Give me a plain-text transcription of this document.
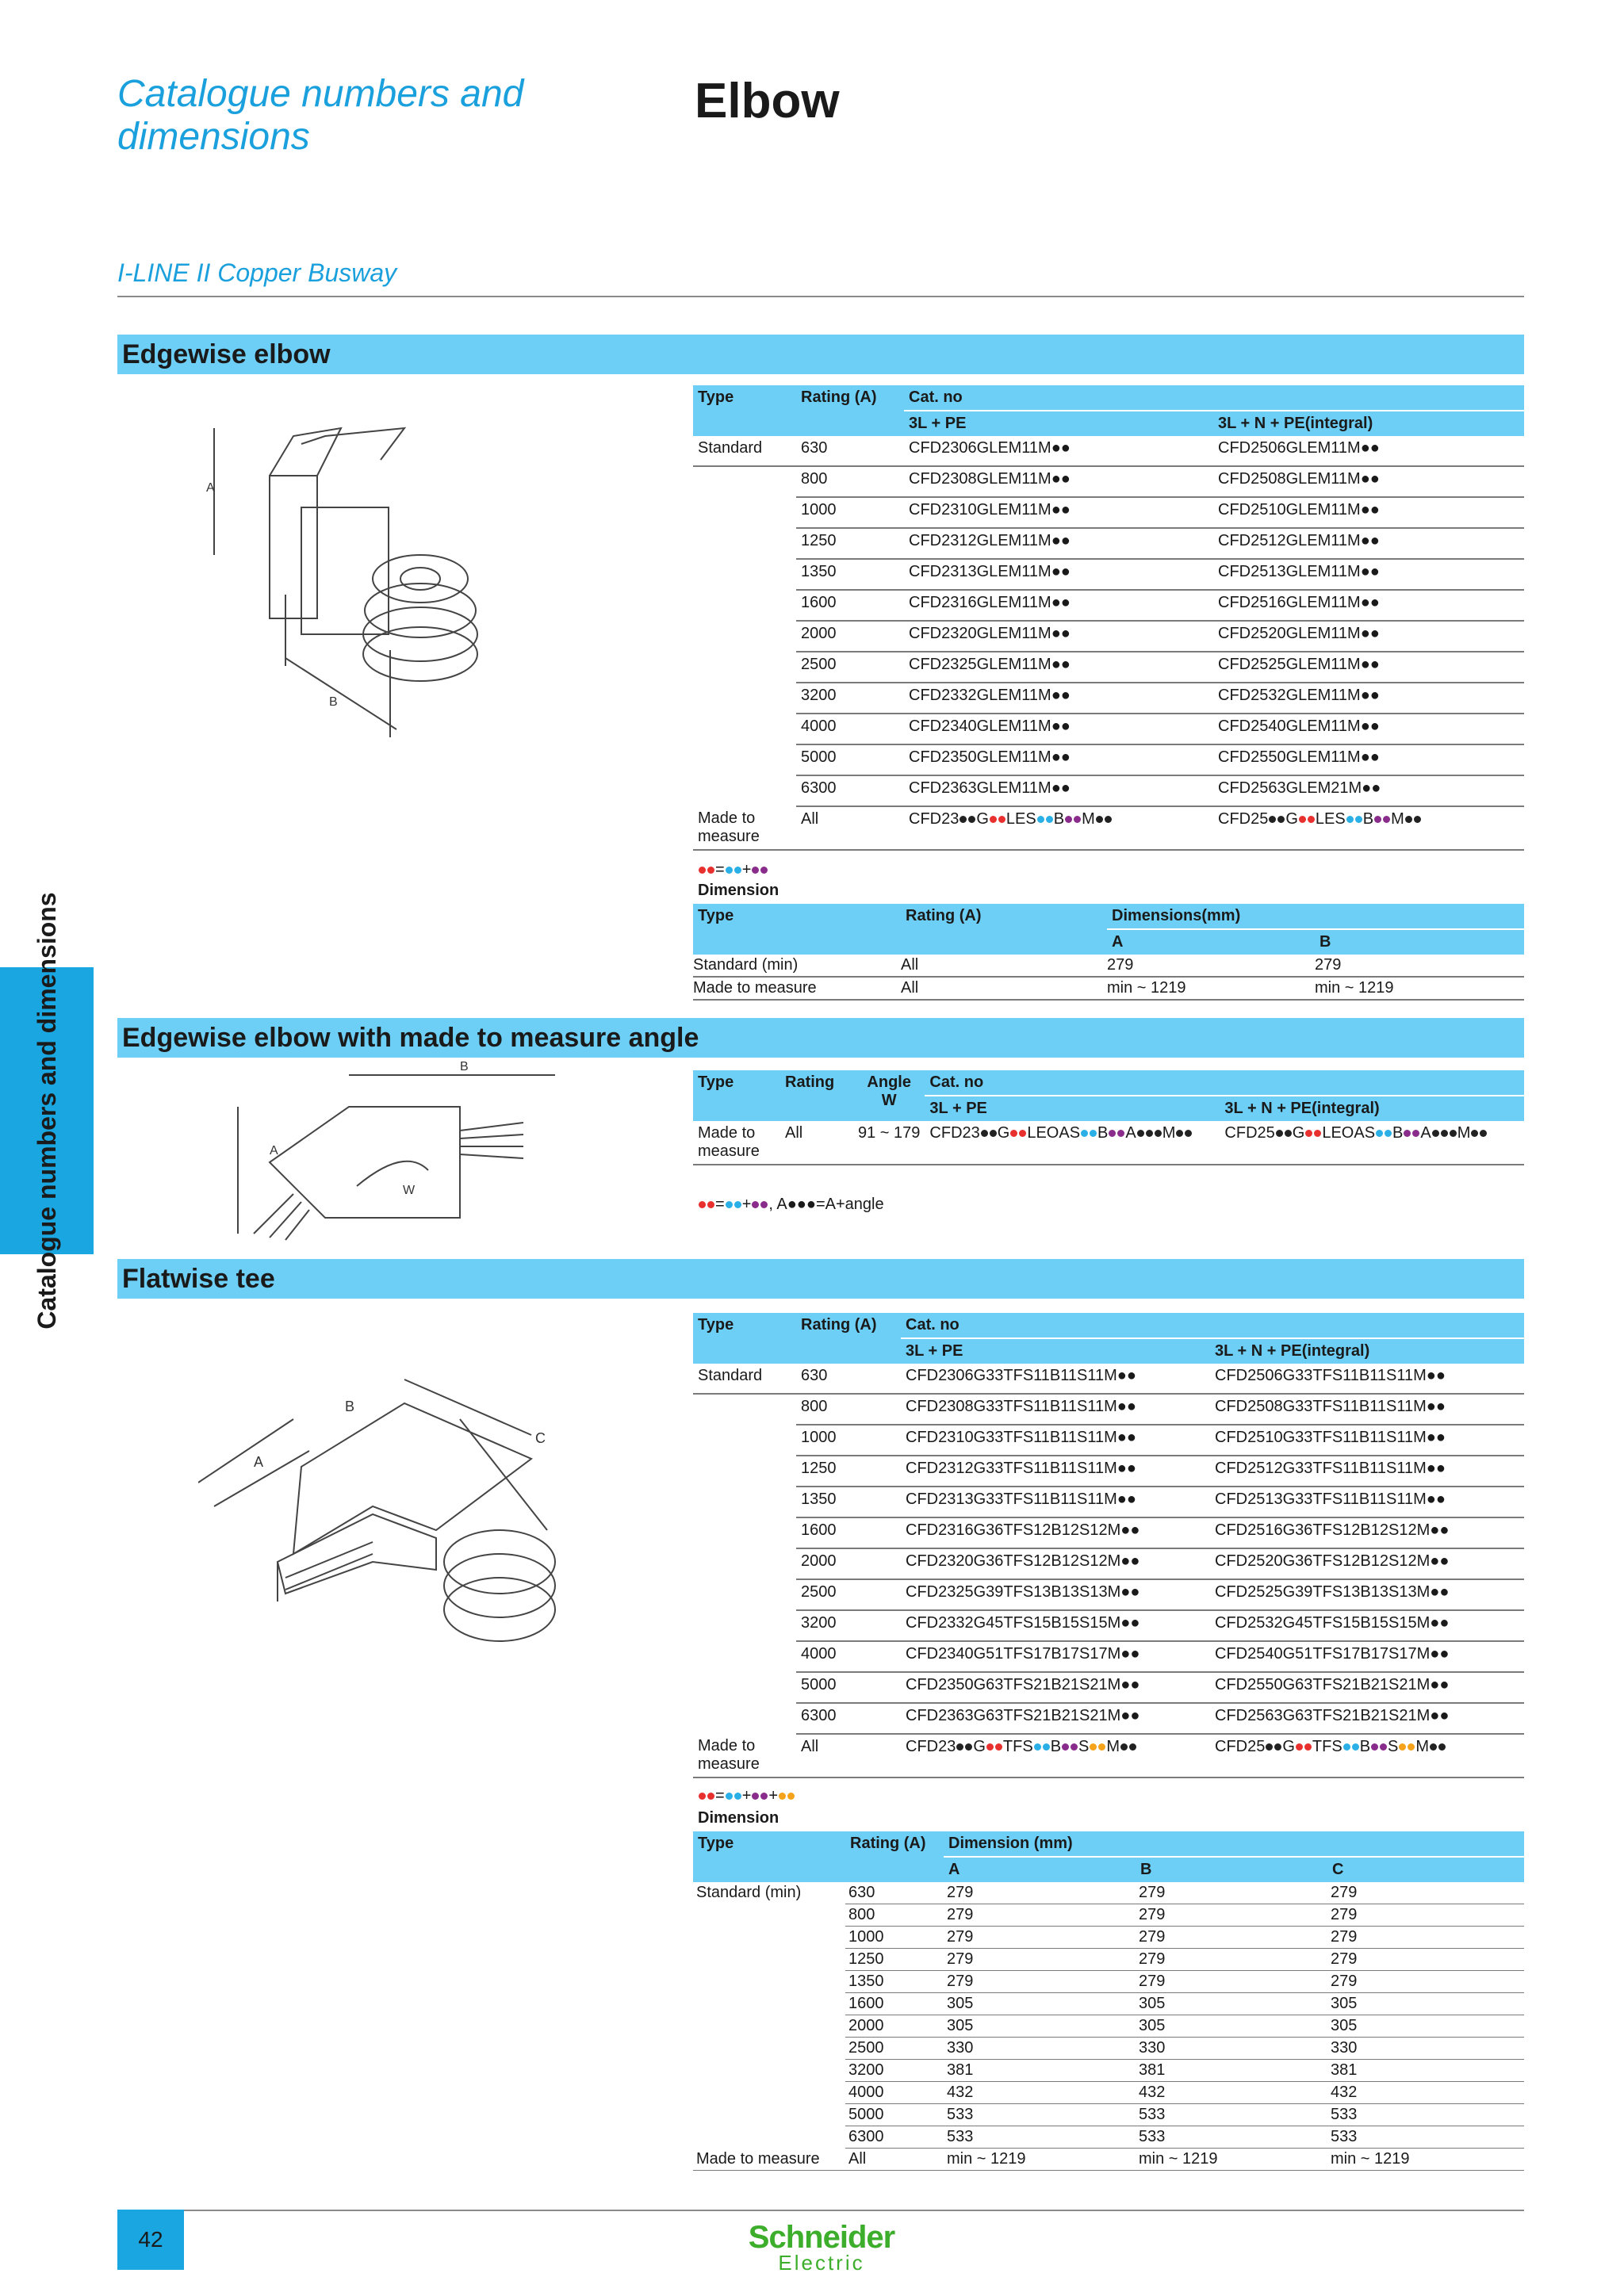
Catalogue numbers and dimensions
Elbow
I-LINE II Copper Busway
Catalogue numbers and dimensions
Edgewise elbow
A
B
Type	Rating (A)	Cat. no	
		3L + PE	3L + N + PE(integral)
Standard	630	CFD2306GLEM11M●●	CFD2506GLEM11M●●
	800	CFD2308GLEM11M●●	CFD2508GLEM11M●●
	1000	CFD2310GLEM11M●●	CFD2510GLEM11M●●
	1250	CFD2312GLEM11M●●	CFD2512GLEM11M●●
	1350	CFD2313GLEM11M●●	CFD2513GLEM11M●●
	1600	CFD2316GLEM11M●●	CFD2516GLEM11M●●
	2000	CFD2320GLEM11M●●	CFD2520GLEM11M●●
	2500	CFD2325GLEM11M●●	CFD2525GLEM11M●●
	3200	CFD2332GLEM11M●●	CFD2532GLEM11M●●
	4000	CFD2340GLEM11M●●	CFD2540GLEM11M●●
	5000	CFD2350GLEM11M●●	CFD2550GLEM11M●●
	6300	CFD2363GLEM11M●●	CFD2563GLEM21M●●
Made to measure	All	CFD23 G LES B M	CFD25 G LES B M
= +
Dimension
Type	Rating (A)	Dimensions(mm)	
		A	B
Standard (min)	All	279	279
Made to measure	All	min ~ 1219	min ~ 1219
Edgewise elbow with made to measure angle
B
A
W
Type	Rating	Angle W	Cat. no	
			3L + PE	3L + N + PE(integral)
Made to measure	All	91 ~ 179	CFD23 G LEOAS B A M	CFD25 G LEOAS B A M
= + , A●●●=A+angle
Flatwise tee
A
B
C
Type	Rating (A)	Cat. no	
		3L + PE	3L + N + PE(integral)
Standard	630	CFD2306G33TFS11B11S11M●●	CFD2506G33TFS11B11S11M●●
	800	CFD2308G33TFS11B11S11M●●	CFD2508G33TFS11B11S11M●●
	1000	CFD2310G33TFS11B11S11M●●	CFD2510G33TFS11B11S11M●●
	1250	CFD2312G33TFS11B11S11M●●	CFD2512G33TFS11B11S11M●●
	1350	CFD2313G33TFS11B11S11M●●	CFD2513G33TFS11B11S11M●●
	1600	CFD2316G36TFS12B12S12M●●	CFD2516G36TFS12B12S12M●●
	2000	CFD2320G36TFS12B12S12M●●	CFD2520G36TFS12B12S12M●●
	2500	CFD2325G39TFS13B13S13M●●	CFD2525G39TFS13B13S13M●●
	3200	CFD2332G45TFS15B15S15M●●	CFD2532G45TFS15B15S15M●●
	4000	CFD2340G51TFS17B17S17M●●	CFD2540G51TFS17B17S17M●●
	5000	CFD2350G63TFS21B21S21M●●	CFD2550G63TFS21B21S21M●●
	6300	CFD2363G63TFS21B21S21M●●	CFD2563G63TFS21B21S21M●●
Made to measure	All	CFD23 G TFS B S M	CFD25 G TFS B S M
= + +
Dimension
Type	Rating (A)	Dimension (mm)		
		A	B	C
Standard (min)	630	279	279	279
	800	279	279	279
	1000	279	279	279
	1250	279	279	279
	1350	279	279	279
	1600	305	305	305
	2000	305	305	305
	2500	330	330	330
	3200	381	381	381
	4000	432	432	432
	5000	533	533	533
	6300	533	533	533
Made to measure	All	min ~ 1219	min ~ 1219	min ~ 1219
42	Schneider
Electric
